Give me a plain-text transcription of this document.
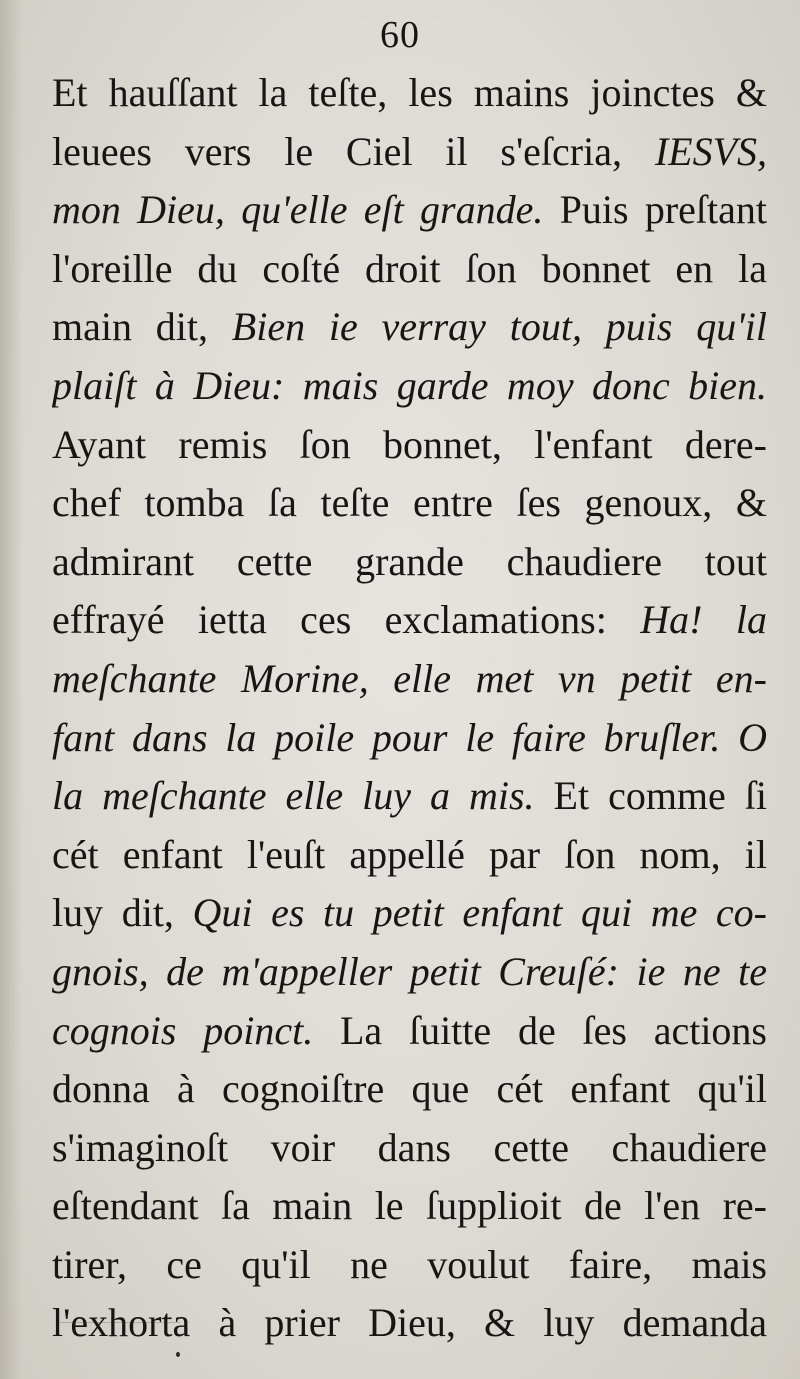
60
Et hauſſant la teſte, les mains joinctes &
leuees vers le Ciel il s'eſcria, IESVS,
mon Dieu, qu'elle eſt grande. Puis preſtant
l'oreille du coſté droit ſon bonnet en la
main dit, Bien ie verray tout, puis qu'il
plaiſt à Dieu: mais garde moy donc bien.
Ayant remis ſon bonnet, l'enfant dere-
chef tomba ſa teſte entre ſes genoux, &
admirant cette grande chaudiere tout
effrayé ietta ces exclamations: Ha! la
meſchante Morine, elle met vn petit en-
fant dans la poile pour le faire bruſler. O
la meſchante elle luy a mis. Et comme ſi
cét enfant l'euſt appellé par ſon nom, il
luy dit, Qui es tu petit enfant qui me co-
gnois, de m'appeller petit Creuſé: ie ne te
cognois poinct. La ſuitte de ſes actions
donna à cognoiſtre que cét enfant qu'il
s'imaginoſt voir dans cette chaudiere
eſtendant ſa main le ſupplioit de l'en re-
tirer, ce qu'il ne voulut faire, mais
l'exhorta à prier Dieu, & luy demanda
